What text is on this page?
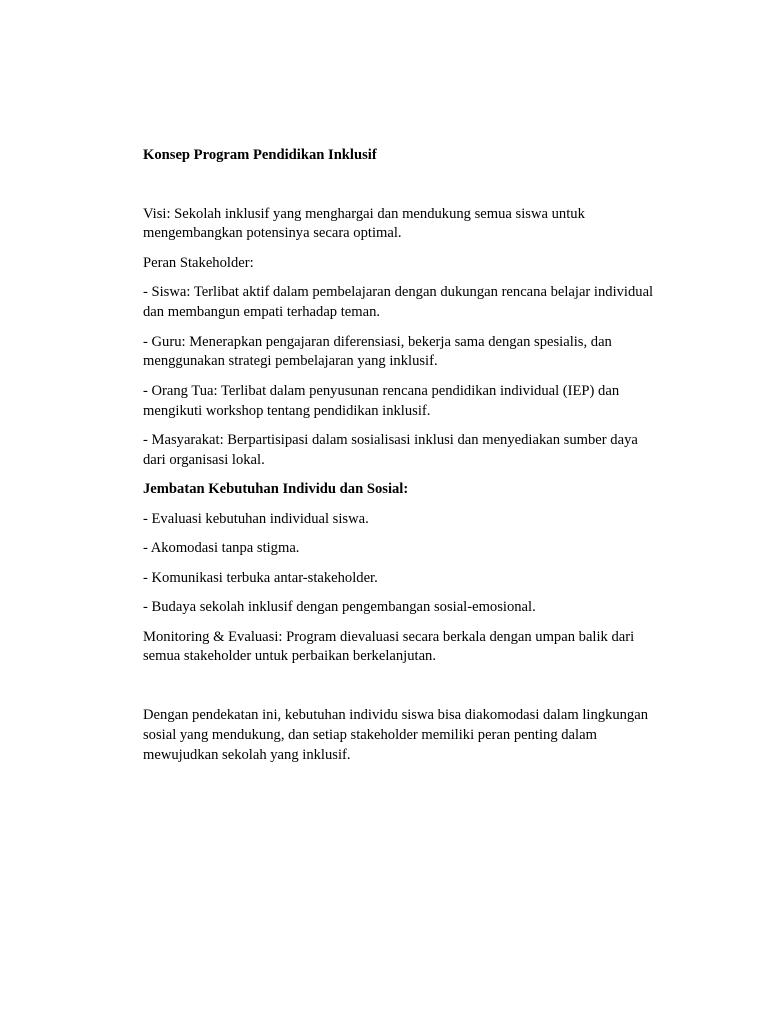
Konsep Program Pendidikan Inklusif

Visi: Sekolah inklusif yang menghargai dan mendukung semua siswa untuk mengembangkan potensinya secara optimal.

Peran Stakeholder:

- Siswa: Terlibat aktif dalam pembelajaran dengan dukungan rencana belajar individual dan membangun empati terhadap teman.

- Guru: Menerapkan pengajaran diferensiasi, bekerja sama dengan spesialis, dan menggunakan strategi pembelajaran yang inklusif.

- Orang Tua: Terlibat dalam penyusunan rencana pendidikan individual (IEP) dan mengikuti workshop tentang pendidikan inklusif.

- Masyarakat: Berpartisipasi dalam sosialisasi inklusi dan menyediakan sumber daya dari organisasi lokal.

Jembatan Kebutuhan Individu dan Sosial:

- Evaluasi kebutuhan individual siswa.

- Akomodasi tanpa stigma.

- Komunikasi terbuka antar-stakeholder.

- Budaya sekolah inklusif dengan pengembangan sosial-emosional.

Monitoring & Evaluasi: Program dievaluasi secara berkala dengan umpan balik dari semua stakeholder untuk perbaikan berkelanjutan.

Dengan pendekatan ini, kebutuhan individu siswa bisa diakomodasi dalam lingkungan sosial yang mendukung, dan setiap stakeholder memiliki peran penting dalam mewujudkan sekolah yang inklusif.
